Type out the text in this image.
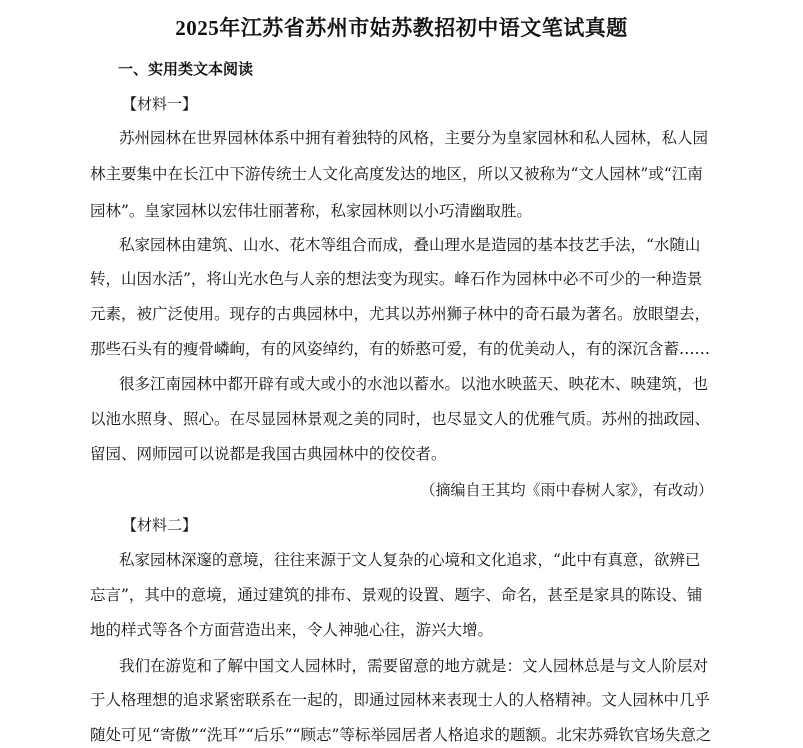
2025年江苏省苏州市姑苏教招初中语文笔试真题
一、实用类文本阅读
【材料一】
苏州园林在世界园林体系中拥有着独特的风格，主要分为皇家园林和私人园林，私人园
林主要集中在长江中下游传统士人文化高度发达的地区，所以又被称为“文人园林”或“江南
园林”。皇家园林以宏伟壮丽著称，私家园林则以小巧清幽取胜。
私家园林由建筑、山水、花木等组合而成，叠山理水是造园的基本技艺手法，“水随山
转，山因水活”，将山光水色与人亲的想法变为现实。峰石作为园林中必不可少的一种造景
元素，被广泛使用。现存的古典园林中，尤其以苏州狮子林中的奇石最为著名。放眼望去，
那些石头有的瘦骨嶙峋，有的风姿绰约，有的娇憨可爱，有的优美动人，有的深沉含蓄……
很多江南园林中都开辟有或大或小的水池以蓄水。以池水映蓝天、映花木、映建筑，也
以池水照身、照心。在尽显园林景观之美的同时，也尽显文人的优雅气质。苏州的拙政园、
留园、网师园可以说都是我国古典园林中的佼佼者。
（摘编自王其均《雨中春树人家》，有改动）
【材料二】
私家园林深邃的意境，往往来源于文人复杂的心境和文化追求，“此中有真意，欲辨已
忘言”，其中的意境，通过建筑的排布、景观的设置、题字、命名，甚至是家具的陈设、铺
地的样式等各个方面营造出来，令人神驰心往，游兴大增。
我们在游览和了解中国文人园林时，需要留意的地方就是：文人园林总是与文人阶层对
于人格理想的追求紧密联系在一起的，即通过园林来表现士人的人格精神。文人园林中几乎
随处可见“寄傲”“洗耳”“后乐”“顾志”等标举园居者人格追求的题额。北宋苏舜钦官场失意之
